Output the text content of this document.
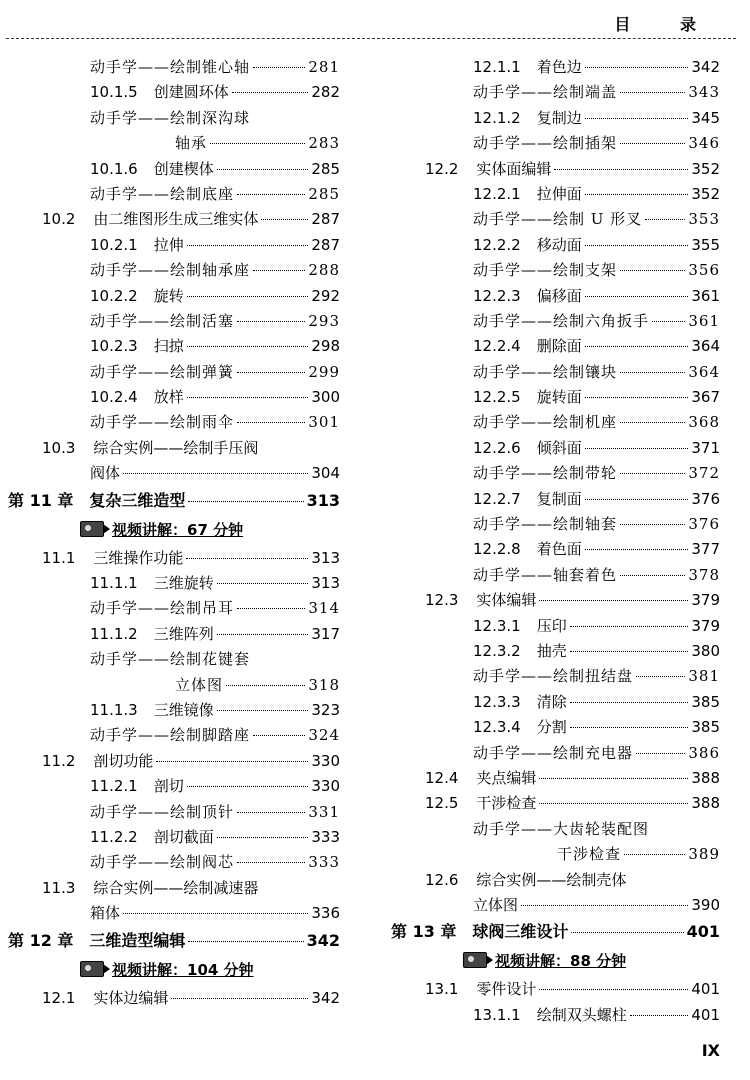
目 录
动手学——绘制锥心轴	281
10.1.5 创建圆环体	282
动手学——绘制深沟球
轴承	283
10.1.6 创建楔体	285
动手学——绘制底座	285
10.2 由二维图形生成三维实体	287
10.2.1 拉伸	287
动手学——绘制轴承座	288
10.2.2 旋转	292
动手学——绘制活塞	293
10.2.3 扫掠	298
动手学——绘制弹簧	299
10.2.4 放样	300
动手学——绘制雨伞	301
10.3 综合实例——绘制手压阀
阀体	304
第 11 章 复杂三维造型	313
视频讲解：67 分钟
11.1 三维操作功能	313
11.1.1 三维旋转	313
动手学——绘制吊耳	314
11.1.2 三维阵列	317
动手学——绘制花键套
立体图	318
11.1.3 三维镜像	323
动手学——绘制脚踏座	324
11.2 剖切功能	330
11.2.1 剖切	330
动手学——绘制顶针	331
11.2.2 剖切截面	333
动手学——绘制阀芯	333
11.3 综合实例——绘制减速器
箱体	336
第 12 章 三维造型编辑	342
视频讲解：104 分钟
12.1 实体边编辑	342
12.1.1 着色边	342
动手学——绘制端盖	343
12.1.2 复制边	345
动手学——绘制插架	346
12.2 实体面编辑	352
12.2.1 拉伸面	352
动手学——绘制 U 形叉	353
12.2.2 移动面	355
动手学——绘制支架	356
12.2.3 偏移面	361
动手学——绘制六角扳手	361
12.2.4 删除面	364
动手学——绘制镶块	364
12.2.5 旋转面	367
动手学——绘制机座	368
12.2.6 倾斜面	371
动手学——绘制带轮	372
12.2.7 复制面	376
动手学——绘制轴套	376
12.2.8 着色面	377
动手学——轴套着色	378
12.3 实体编辑	379
12.3.1 压印	379
12.3.2 抽壳	380
动手学——绘制扭结盘	381
12.3.3 清除	385
12.3.4 分割	385
动手学——绘制充电器	386
12.4 夹点编辑	388
12.5 干涉检查	388
动手学——大齿轮装配图
干涉检查	389
12.6 综合实例——绘制壳体
立体图	390
第 13 章 球阀三维设计	401
视频讲解：88 分钟
13.1 零件设计	401
13.1.1 绘制双头螺柱	401
IX
